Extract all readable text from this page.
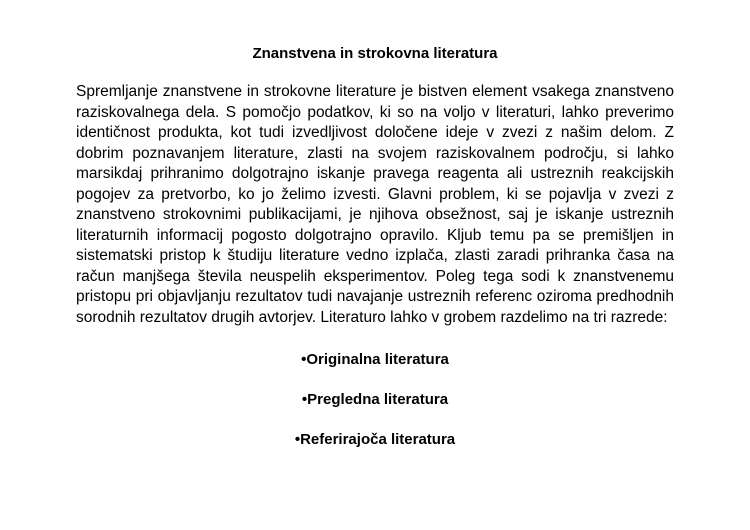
Znanstvena in strokovna literatura

Spremljanje znanstvene in strokovne literature je bistven element vsakega znanstveno raziskovalnega dela. S pomočjo podatkov, ki so na voljo v literaturi, lahko preverimo identičnost produkta, kot tudi izvedljivost določene ideje v zvezi z našim delom. Z dobrim poznavanjem literature, zlasti na svojem raziskovalnem področju, si lahko marsikdaj prihranimo dolgotrajno iskanje pravega reagenta ali ustreznih reakcijskih pogojev za pretvorbo, ko jo želimo izvesti. Glavni problem, ki se pojavlja v zvezi z znanstveno strokovnimi publikacijami, je njihova obsežnost, saj je iskanje ustreznih literaturnih informacij pogosto dolgotrajno opravilo. Kljub temu pa se premišljen in sistematski pristop k študiju literature vedno izplača, zlasti zaradi prihranka časa na račun manjšega števila neuspelih eksperimentov. Poleg tega sodi k znanstvenemu pristopu pri objavljanju rezultatov tudi navajanje ustreznih referenc oziroma predhodnih sorodnih rezultatov drugih avtorjev. Literaturo lahko v grobem razdelimo na tri razrede:

•Originalna literatura
•Pregledna literatura
•Referirajoča literatura
